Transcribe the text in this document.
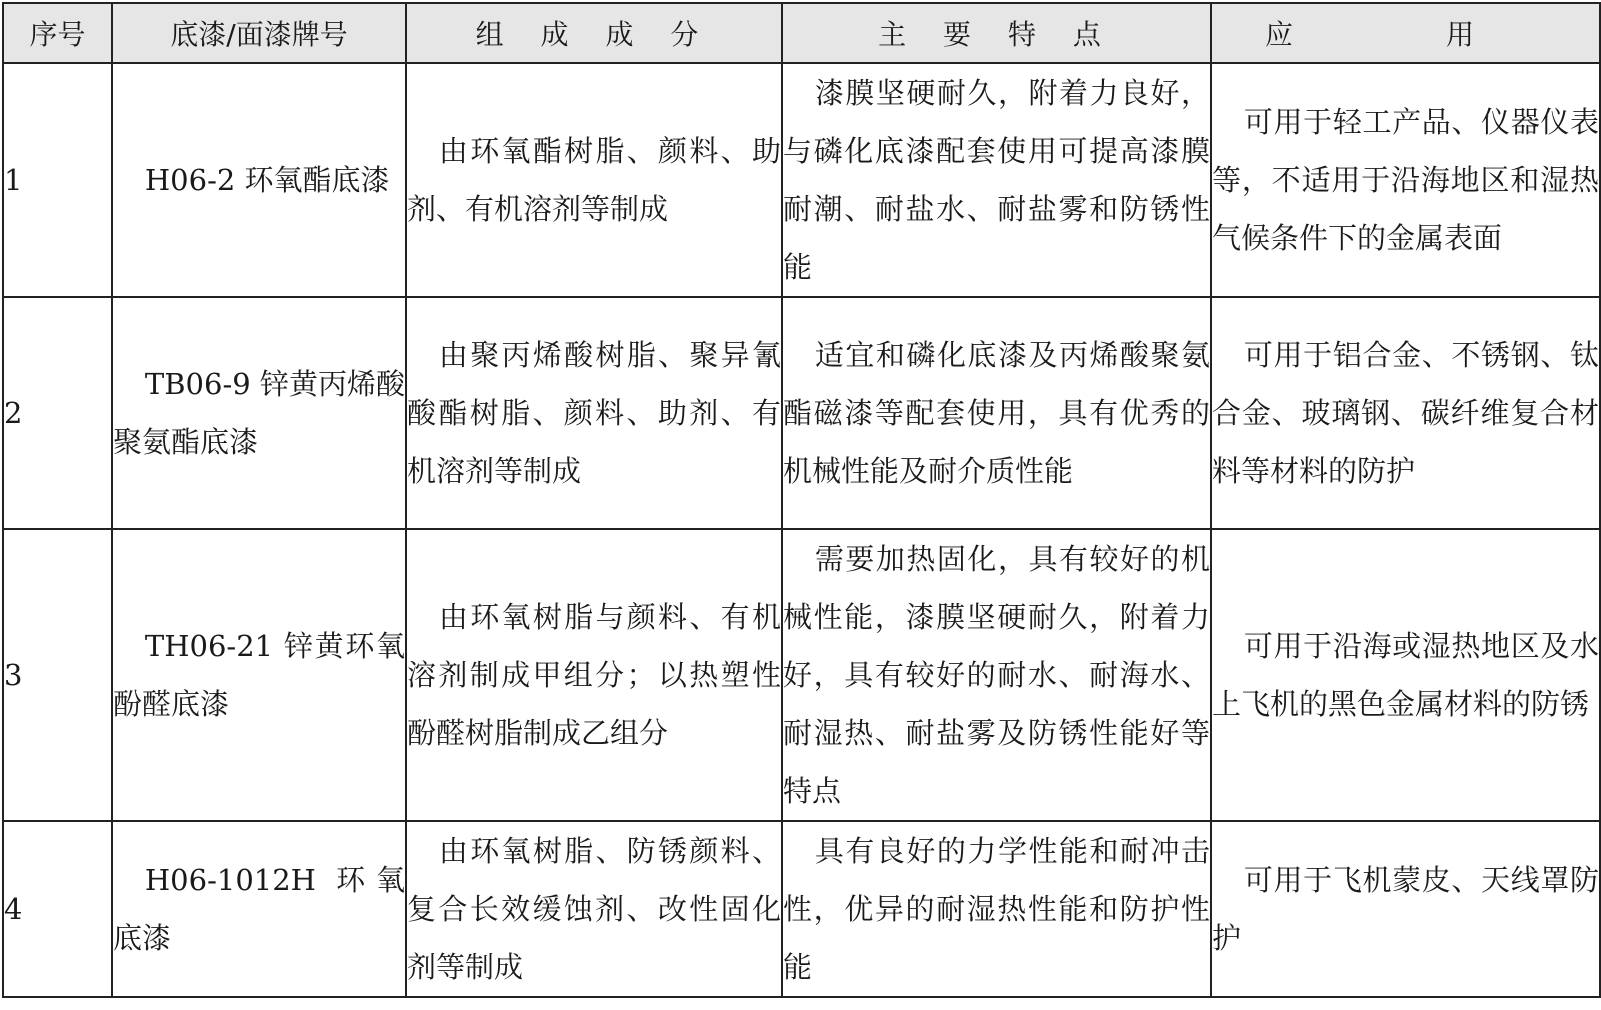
序号	底漆/面漆牌号	组 成 成 分	主 要 特 点	应 用
1	H06-2 环氧酯底漆	由环氧酯树脂、颜料、助剂、有机溶剂等制成	漆膜坚硬耐久，附着力良好，与磷化底漆配套使用可提高漆膜耐潮、耐盐水、耐盐雾和防锈性能	可用于轻工产品、仪器仪表等，不适用于沿海地区和湿热气候条件下的金属表面

2	TB06-9 锌黄丙烯酸聚氨酯底漆	由聚丙烯酸树脂、聚异氰酸酯树脂、颜料、助剂、有机溶剂等制成	适宜和磷化底漆及丙烯酸聚氨酯磁漆等配套使用，具有优秀的机械性能及耐介质性能	可用于铝合金、不锈钢、钛合金、玻璃钢、碳纤维复合材料等材料的防护

3	TH06-21 锌黄环氧酚醛底漆	由环氧树脂与颜料、有机溶剂制成甲组分；以热塑性酚醛树脂制成乙组分	需要加热固化，具有较好的机械性能，漆膜坚硬耐久，附着力好，具有较好的耐水、耐海水、耐湿热、耐盐雾及防锈性能好等特点	可用于沿海或湿热地区及水上飞机的黑色金属材料的防锈

4	H06-1012H 环氧底漆	由环氧树脂、防锈颜料、复合长效缓蚀剂、改性固化剂等制成	具有良好的力学性能和耐冲击性，优异的耐湿热性能和防护性能	可用于飞机蒙皮、天线罩防护
